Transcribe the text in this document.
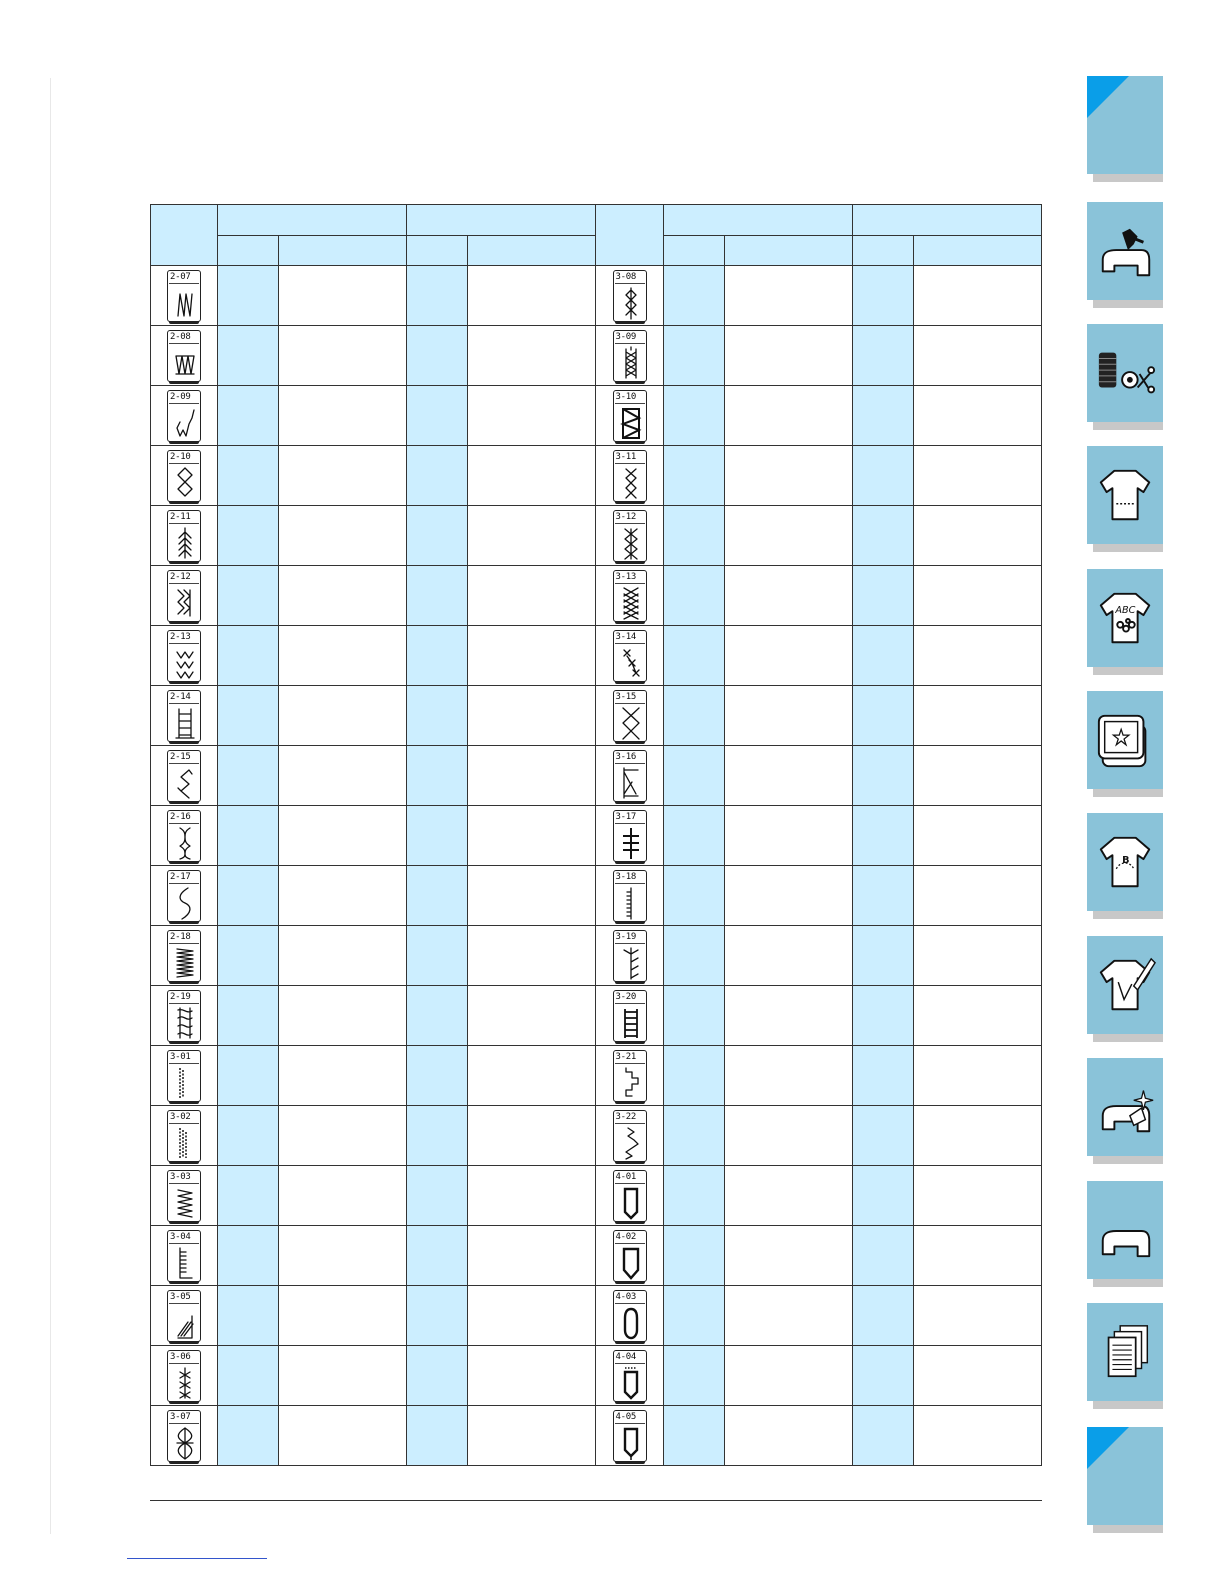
2-07					3-08				

2-08					3-09				

2-09					3-10				

2-10					3-11				

2-11					3-12				

2-12					3-13				

2-13					3-14				

2-14					3-15				

2-15					3-16				

2-16					3-17				

2-17					3-18				

2-18					3-19				

2-19					3-20				

3-01					3-21				

3-02					3-22				

3-03					4-01				

3-04					4-02				

3-05					4-03				

3-06					4-04				

3-07					4-05				

ABC
B
